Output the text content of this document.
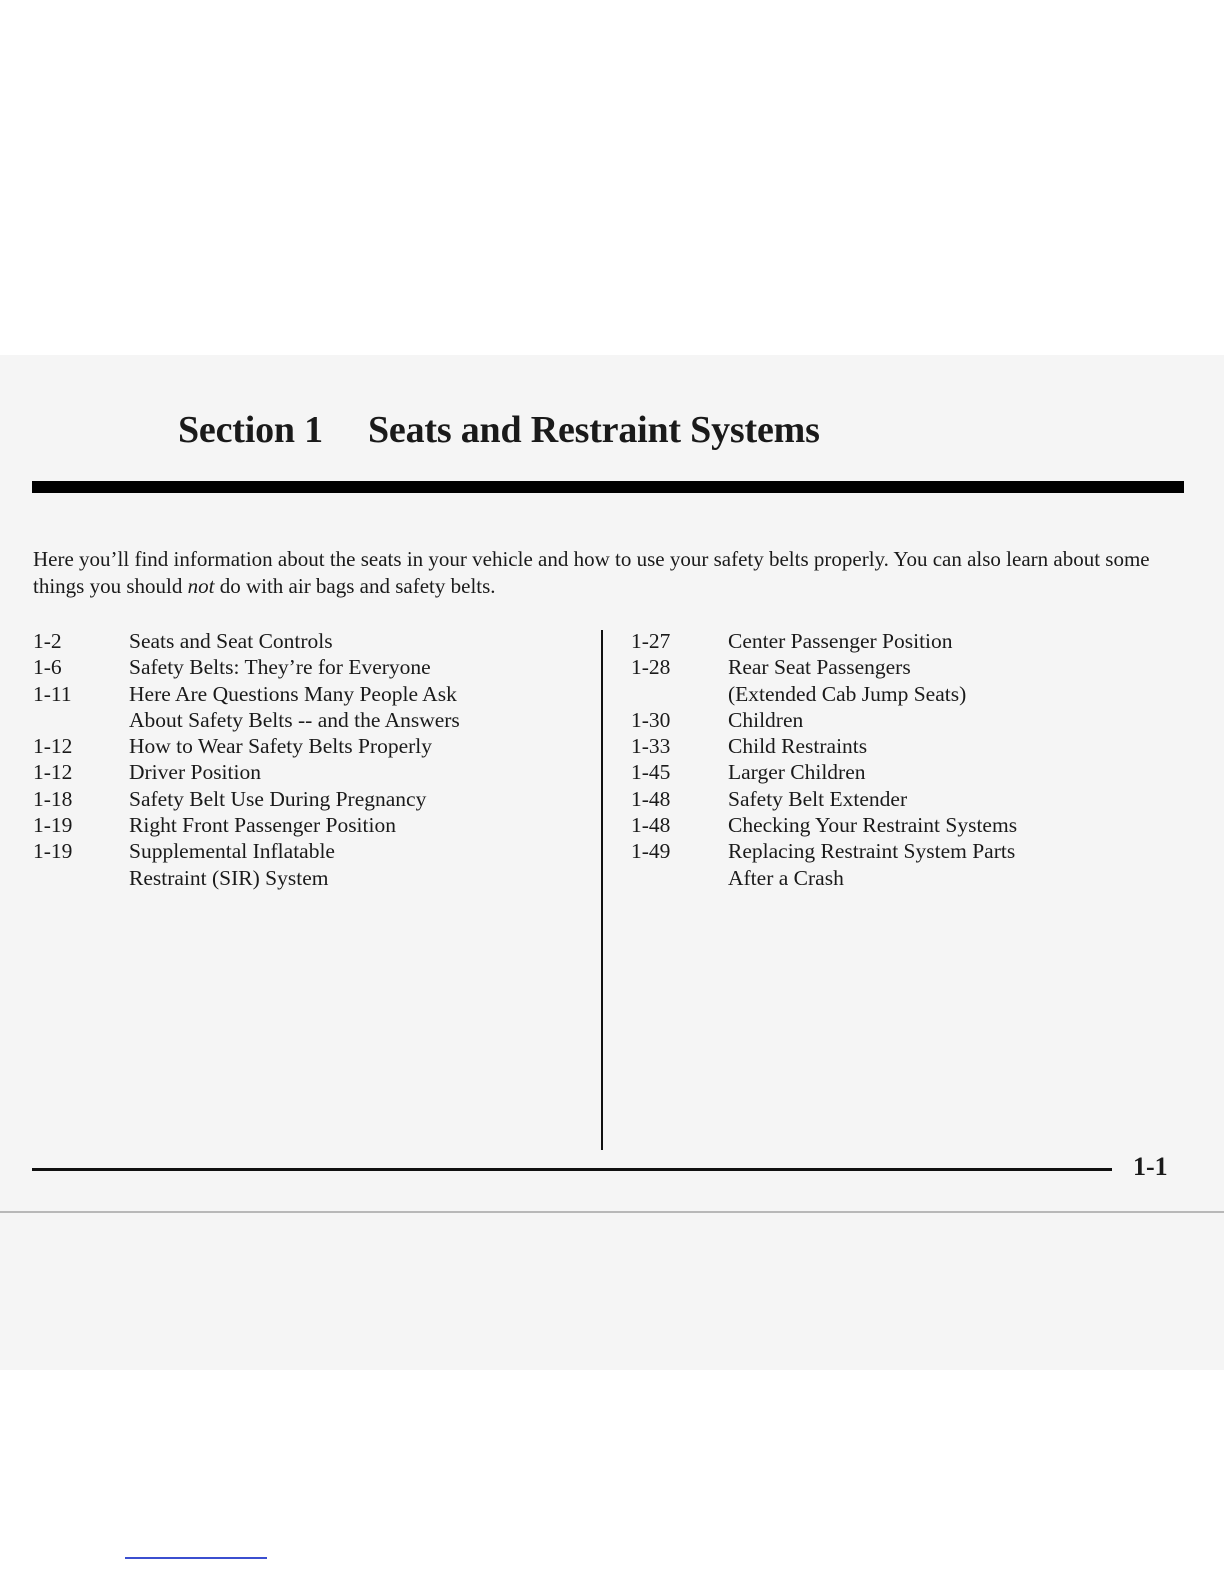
Section 1 Seats and Restraint Systems

Here you’ll find information about the seats in your vehicle and how to use your safety belts properly. You can also learn about some things you should not do with air bags and safety belts.

1-2	Seats and Seat Controls
1-6	Safety Belts: They’re for Everyone
1-11	Here Are Questions Many People Ask
About Safety Belts -- and the Answers
1-12	How to Wear Safety Belts Properly
1-12	Driver Position
1-18	Safety Belt Use During Pregnancy
1-19	Right Front Passenger Position
1-19	Supplemental Inflatable
Restraint (SIR) System
1-27	Center Passenger Position
1-28	Rear Seat Passengers
(Extended Cab Jump Seats)
1-30	Children
1-33	Child Restraints
1-45	Larger Children
1-48	Safety Belt Extender
1-48	Checking Your Restraint Systems
1-49	Replacing Restraint System Parts
After a Crash
1-1
